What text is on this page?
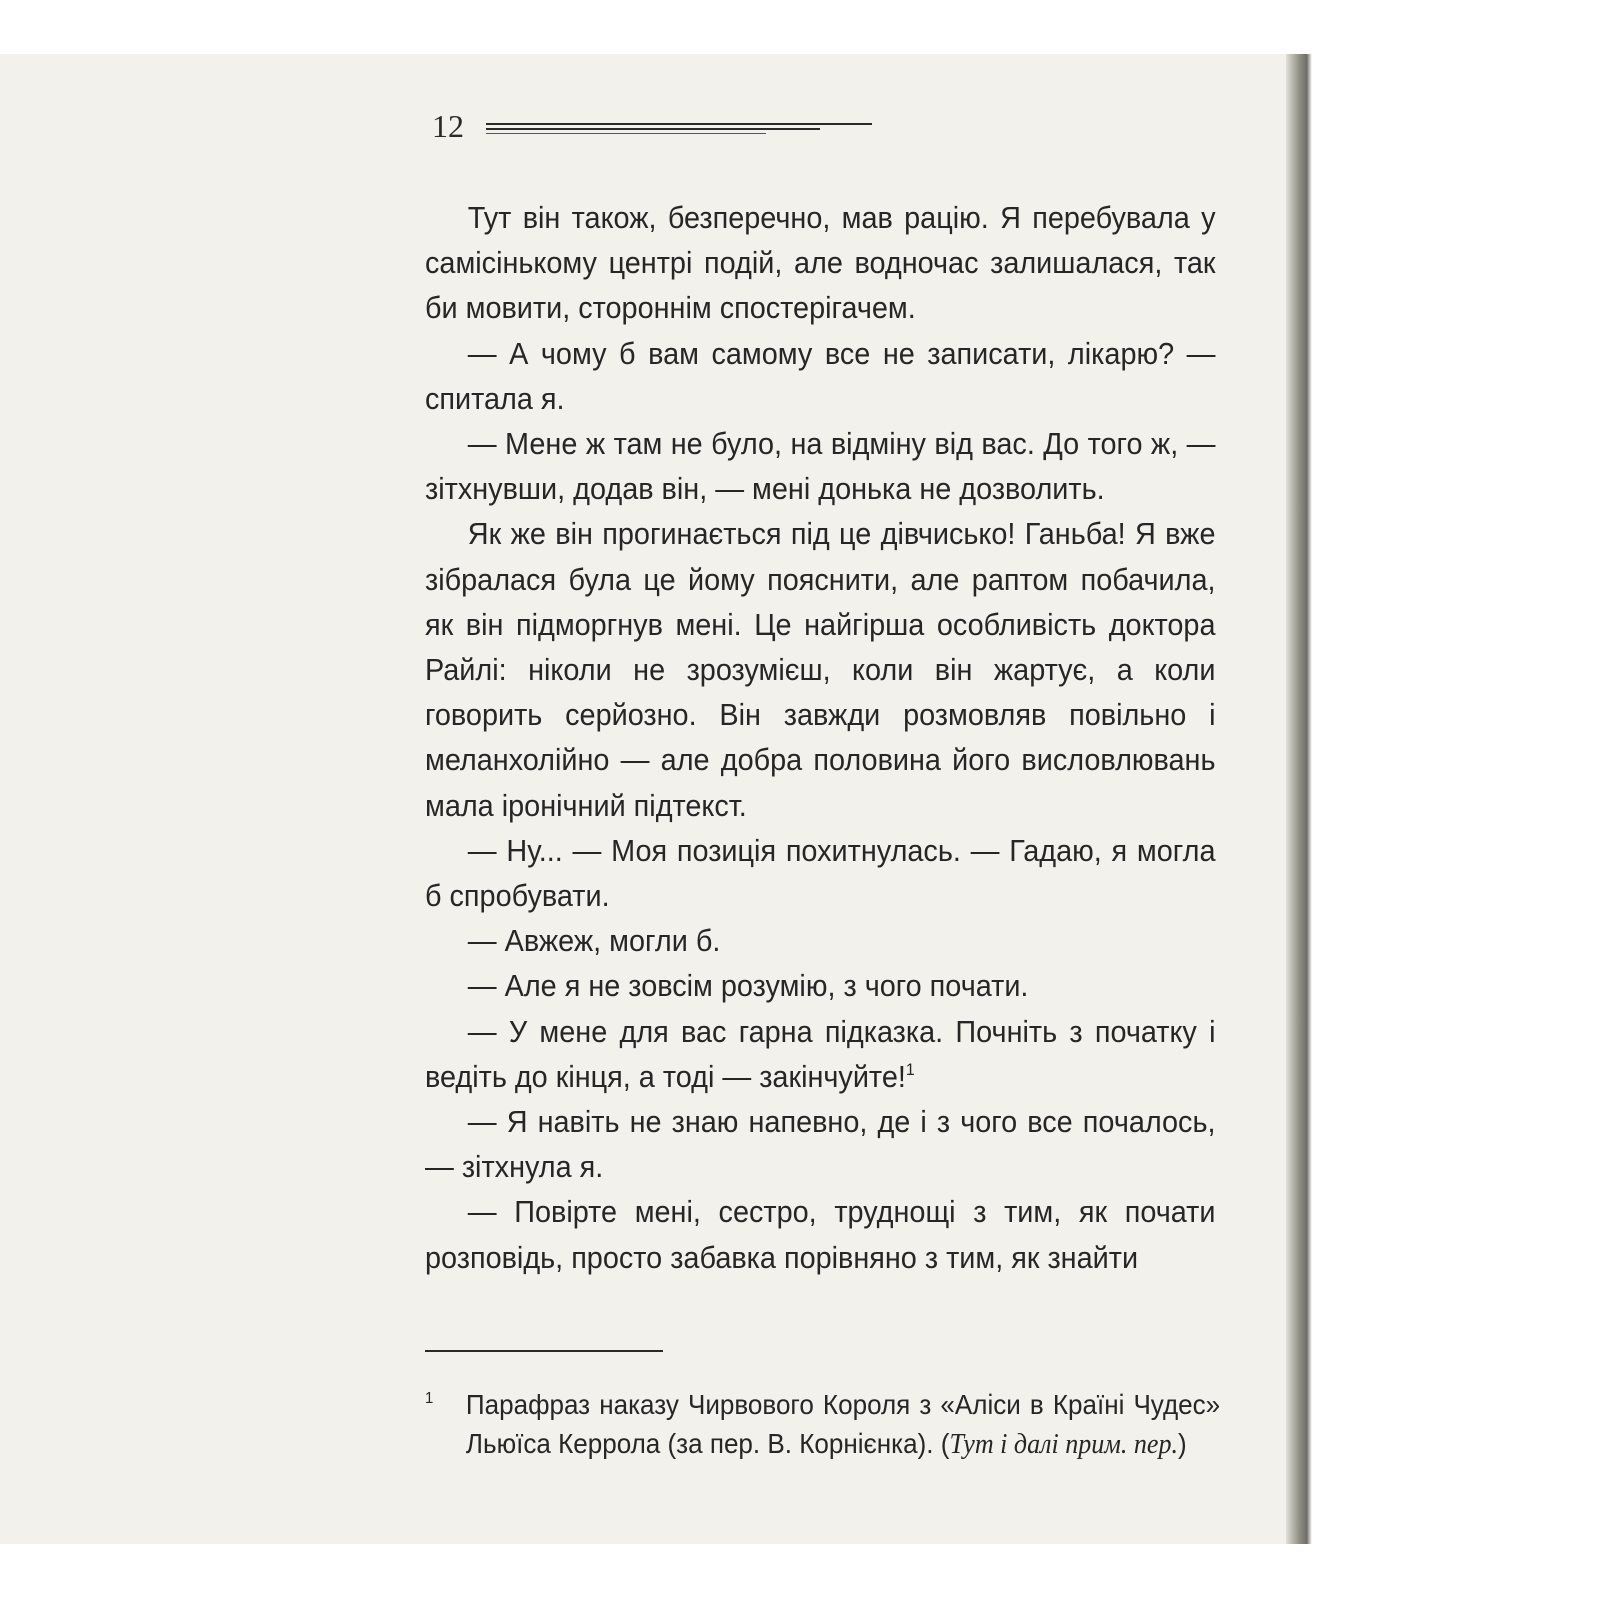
12

Тут він також, безперечно, мав рацію. Я перебувала у самісінькому центрі подій, але водночас залишалася, так би мовити, стороннім спостерігачем.

— А чому б вам самому все не записати, лікарю? — спитала я.

— Мене ж там не було, на відміну від вас. До того ж, — зітхнувши, додав він, — мені донька не дозволить.

Як же він прогинається під це дівчисько! Ганьба! Я вже зібралася була це йому пояснити, але раптом побачила, як він підморгнув мені. Це найгірша особливість доктора Райлі: ніколи не зрозумієш, коли він жартує, а коли говорить серйозно. Він завжди розмовляв повільно і меланхолійно — але добра половина його висловлювань мала іронічний підтекст.

— Ну... — Моя позиція похитнулась. — Гадаю, я могла б спробувати.

— Авжеж, могли б.

— Але я не зовсім розумію, з чого почати.

— У мене для вас гарна підказка. Почніть з початку і ведіть до кінця, а тоді — закінчуйте!$^1$

— Я навіть не знаю напевно, де і з чого все почалось, — зітхнула я.

— Повірте мені, сестро, труднощі з тим, як почати розповідь, просто забавка порівняно з тим, як знайти

1 Парафраз наказу Чирвового Короля з «Аліси в Країні Чудес» Льюїса Керрола (за пер. В. Корнієнка). (Тут і далі прим. пер.)
